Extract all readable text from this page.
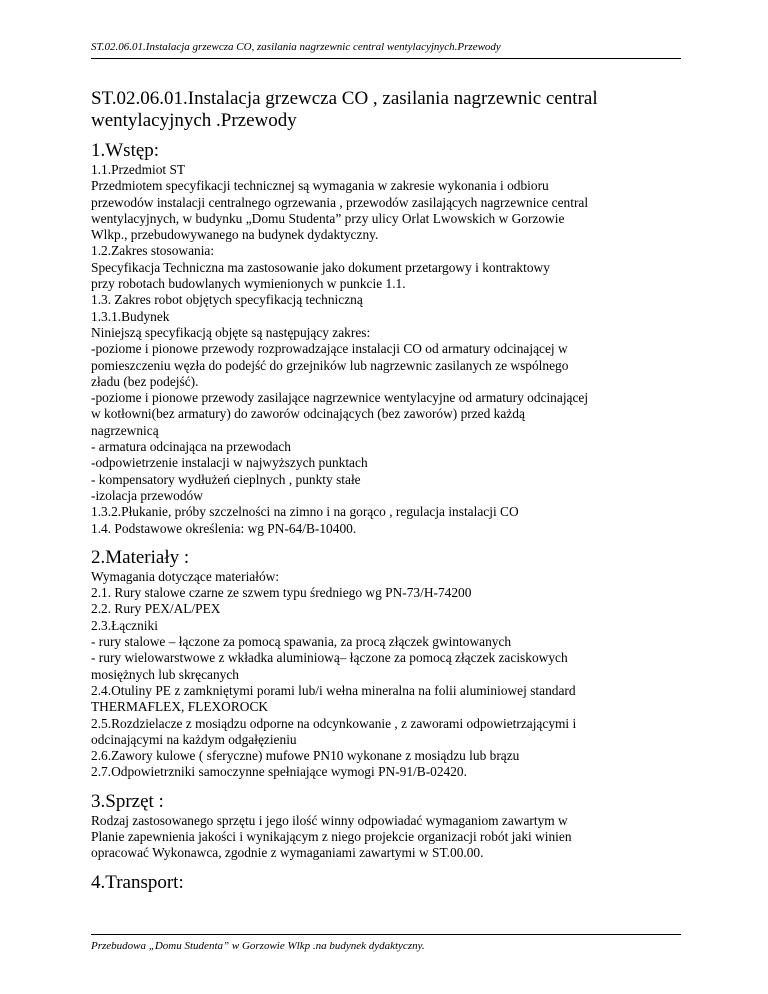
ST.02.06.01.Instalacja grzewcza CO, zasilania nagrzewnic central wentylacyjnych.Przewody
ST.02.06.01.Instalacja grzewcza CO , zasilania nagrzewnic central
wentylacyjnych .Przewody
1.Wstęp:
1.1.Przedmiot ST
Przedmiotem specyfikacji technicznej są wymagania w zakresie wykonania i odbioru
przewodów instalacji centralnego ogrzewania , przewodów zasilających nagrzewnice central
wentylacyjnych, w budynku „Domu Studenta” przy ulicy Orlat Lwowskich w Gorzowie
Wlkp., przebudowywanego na budynek dydaktyczny.
1.2.Zakres stosowania:
Specyfikacja Techniczna ma zastosowanie jako dokument przetargowy i kontraktowy
przy robotach budowlanych wymienionych w punkcie 1.1.
1.3. Zakres robot objętych specyfikacją techniczną
1.3.1.Budynek
Niniejszą specyfikacją objęte są następujący zakres:
-poziome i pionowe przewody rozprowadzające instalacji CO od armatury odcinającej w
pomieszczeniu węzła do podejść do grzejników lub nagrzewnic zasilanych ze wspólnego
zładu (bez podejść).
-poziome i pionowe przewody zasilające nagrzewnice wentylacyjne od armatury odcinającej
w kotłowni(bez armatury) do zaworów odcinających (bez zaworów) przed każdą
nagrzewnicą
- armatura odcinająca na przewodach
-odpowietrzenie instalacji w najwyższych punktach
- kompensatory wydłużeń cieplnych , punkty stałe
-izolacja przewodów
1.3.2.Płukanie, próby szczelności na zimno i na gorąco , regulacja instalacji CO
1.4. Podstawowe określenia: wg PN-64/B-10400.
2.Materiały :
Wymagania dotyczące materiałów:
2.1. Rury stalowe czarne ze szwem typu średniego wg PN-73/H-74200
2.2. Rury PEX/AL/PEX
2.3.Łączniki
- rury stalowe – łączone za pomocą spawania, za procą złączek gwintowanych
- rury wielowarstwowe z wkładka aluminiową– łączone za pomocą złączek zaciskowych
mosiężnych lub skręcanych
2.4.Otuliny PE z zamkniętymi porami lub/i wełna mineralna na folii aluminiowej standard
THERMAFLEX, FLEXOROCK
2.5.Rozdzielacze z mosiądzu odporne na odcynkowanie , z zaworami odpowietrzającymi i
odcinającymi na każdym odgałęzieniu
2.6.Zawory kulowe ( sferyczne) mufowe PN10 wykonane z mosiądzu lub brązu
2.7.Odpowietrzniki samoczynne spełniające wymogi PN-91/B-02420.
3.Sprzęt :
Rodzaj zastosowanego sprzętu i jego ilość winny odpowiadać wymaganiom zawartym w
Planie zapewnienia jakości i wynikającym z niego projekcie organizacji robót jaki winien
opracować Wykonawca, zgodnie z wymaganiami zawartymi w ST.00.00.
4.Transport:
Przebudowa „Domu Studenta” w Gorzowie Wlkp .na budynek dydaktyczny.
